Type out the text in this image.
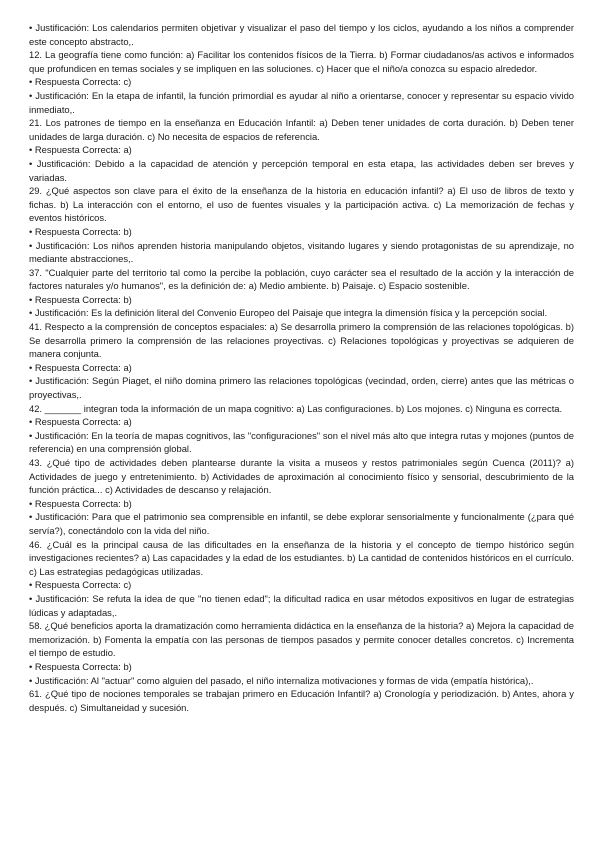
• Justificación: Los calendarios permiten objetivar y visualizar el paso del tiempo y los ciclos, ayudando a los niños a comprender este concepto abstracto,.

12. La geografía tiene como función: a) Facilitar los contenidos físicos de la Tierra. b) Formar ciudadanos/as activos e informados que profundicen en temas sociales y se impliquen en las soluciones. c) Hacer que el niño/a conozca su espacio alrededor.

• Respuesta Correcta: c)

• Justificación: En la etapa de infantil, la función primordial es ayudar al niño a orientarse, conocer y representar su espacio vivido inmediato,.

21. Los patrones de tiempo en la enseñanza en Educación Infantil: a) Deben tener unidades de corta duración. b) Deben tener unidades de larga duración. c) No necesita de espacios de referencia.

• Respuesta Correcta: a)

• Justificación: Debido a la capacidad de atención y percepción temporal en esta etapa, las actividades deben ser breves y variadas.

29. ¿Qué aspectos son clave para el éxito de la enseñanza de la historia en educación infantil? a) El uso de libros de texto y fichas. b) La interacción con el entorno, el uso de fuentes visuales y la participación activa. c) La memorización de fechas y eventos históricos.

• Respuesta Correcta: b)

• Justificación: Los niños aprenden historia manipulando objetos, visitando lugares y siendo protagonistas de su aprendizaje, no mediante abstracciones,.

37. "Cualquier parte del territorio tal como la percibe la población, cuyo carácter sea el resultado de la acción y la interacción de factores naturales y/o humanos", es la definición de: a) Medio ambiente. b) Paisaje. c) Espacio sostenible.

• Respuesta Correcta: b)

• Justificación: Es la definición literal del Convenio Europeo del Paisaje que integra la dimensión física y la percepción social.

41. Respecto a la comprensión de conceptos espaciales: a) Se desarrolla primero la comprensión de las relaciones topológicas. b) Se desarrolla primero la comprensión de las relaciones proyectivas. c) Relaciones topológicas y proyectivas se adquieren de manera conjunta.

• Respuesta Correcta: a)

• Justificación: Según Piaget, el niño domina primero las relaciones topológicas (vecindad, orden, cierre) antes que las métricas o proyectivas,.

42. _______ integran toda la información de un mapa cognitivo: a) Las configuraciones. b) Los mojones. c) Ninguna es correcta.

• Respuesta Correcta: a)

• Justificación: En la teoría de mapas cognitivos, las "configuraciones" son el nivel más alto que integra rutas y mojones (puntos de referencia) en una comprensión global.

43. ¿Qué tipo de actividades deben plantearse durante la visita a museos y restos patrimoniales según Cuenca (2011)? a) Actividades de juego y entretenimiento. b) Actividades de aproximación al conocimiento físico y sensorial, descubrimiento de la función práctica... c) Actividades de descanso y relajación.

• Respuesta Correcta: b)

• Justificación: Para que el patrimonio sea comprensible en infantil, se debe explorar sensorialmente y funcionalmente (¿para qué servía?), conectándolo con la vida del niño.

46. ¿Cuál es la principal causa de las dificultades en la enseñanza de la historia y el concepto de tiempo histórico según investigaciones recientes? a) Las capacidades y la edad de los estudiantes. b) La cantidad de contenidos históricos en el currículo. c) Las estrategias pedagógicas utilizadas.

• Respuesta Correcta: c)

• Justificación: Se refuta la idea de que "no tienen edad"; la dificultad radica en usar métodos expositivos en lugar de estrategias lúdicas y adaptadas,.

58. ¿Qué beneficios aporta la dramatización como herramienta didáctica en la enseñanza de la historia? a) Mejora la capacidad de memorización. b) Fomenta la empatía con las personas de tiempos pasados y permite conocer detalles concretos. c) Incrementa el tiempo de estudio.

• Respuesta Correcta: b)

• Justificación: Al "actuar" como alguien del pasado, el niño internaliza motivaciones y formas de vida (empatía histórica),.

61. ¿Qué tipo de nociones temporales se trabajan primero en Educación Infantil? a) Cronología y periodización. b) Antes, ahora y después. c) Simultaneidad y sucesión.
